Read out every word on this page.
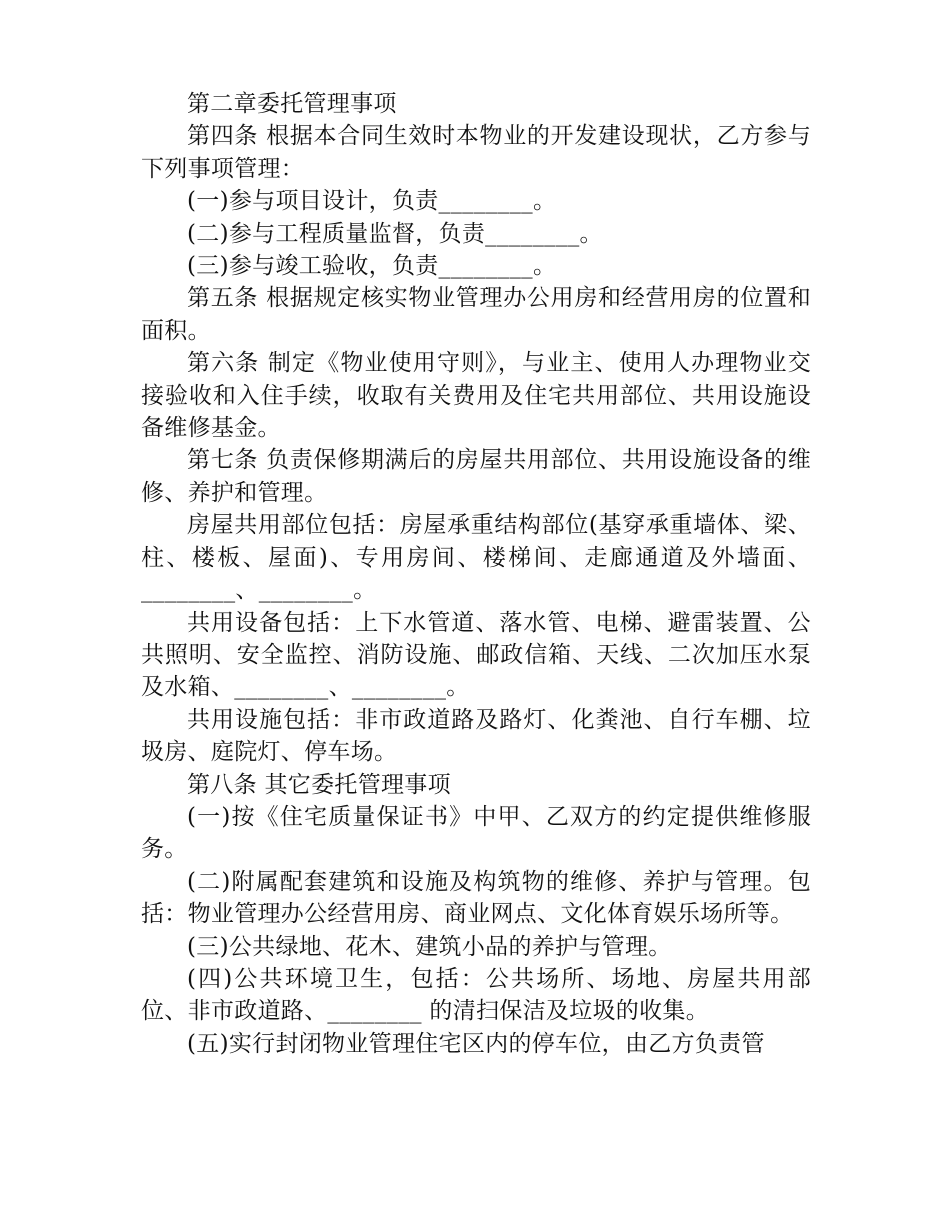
第二章委托管理事项

第四条 根据本合同生效时本物业的开发建设现状，乙方参与下列事项管理：

(一)参与项目设计，负责________。

(二)参与工程质量监督，负责________。

(三)参与竣工验收，负责________。

第五条 根据规定核实物业管理办公用房和经营用房的位置和面积。

第六条 制定《物业使用守则》，与业主、使用人办理物业交接验收和入住手续，收取有关费用及住宅共用部位、共用设施设备维修基金。

第七条 负责保修期满后的房屋共用部位、共用设施设备的维修、养护和管理。

房屋共用部位包括：房屋承重结构部位(基穿承重墙体、梁、柱、楼板、屋面)、专用房间、楼梯间、走廊通道及外墙面、________、________。

共用设备包括：上下水管道、落水管、电梯、避雷装置、公共照明、安全监控、消防设施、邮政信箱、天线、二次加压水泵及水箱、________、________。

共用设施包括：非市政道路及路灯、化粪池、自行车棚、垃圾房、庭院灯、停车场。

第八条 其它委托管理事项

(一)按《住宅质量保证书》中甲、乙双方的约定提供维修服务。

(二)附属配套建筑和设施及构筑物的维修、养护与管理。包括：物业管理办公经营用房、商业网点、文化体育娱乐场所等。

(三)公共绿地、花木、建筑小品的养护与管理。

(四)公共环境卫生，包括：公共场所、场地、房屋共用部位、非市政道路、________ 的清扫保洁及垃圾的收集。

(五)实行封闭物业管理住宅区内的停车位，由乙方负责管
